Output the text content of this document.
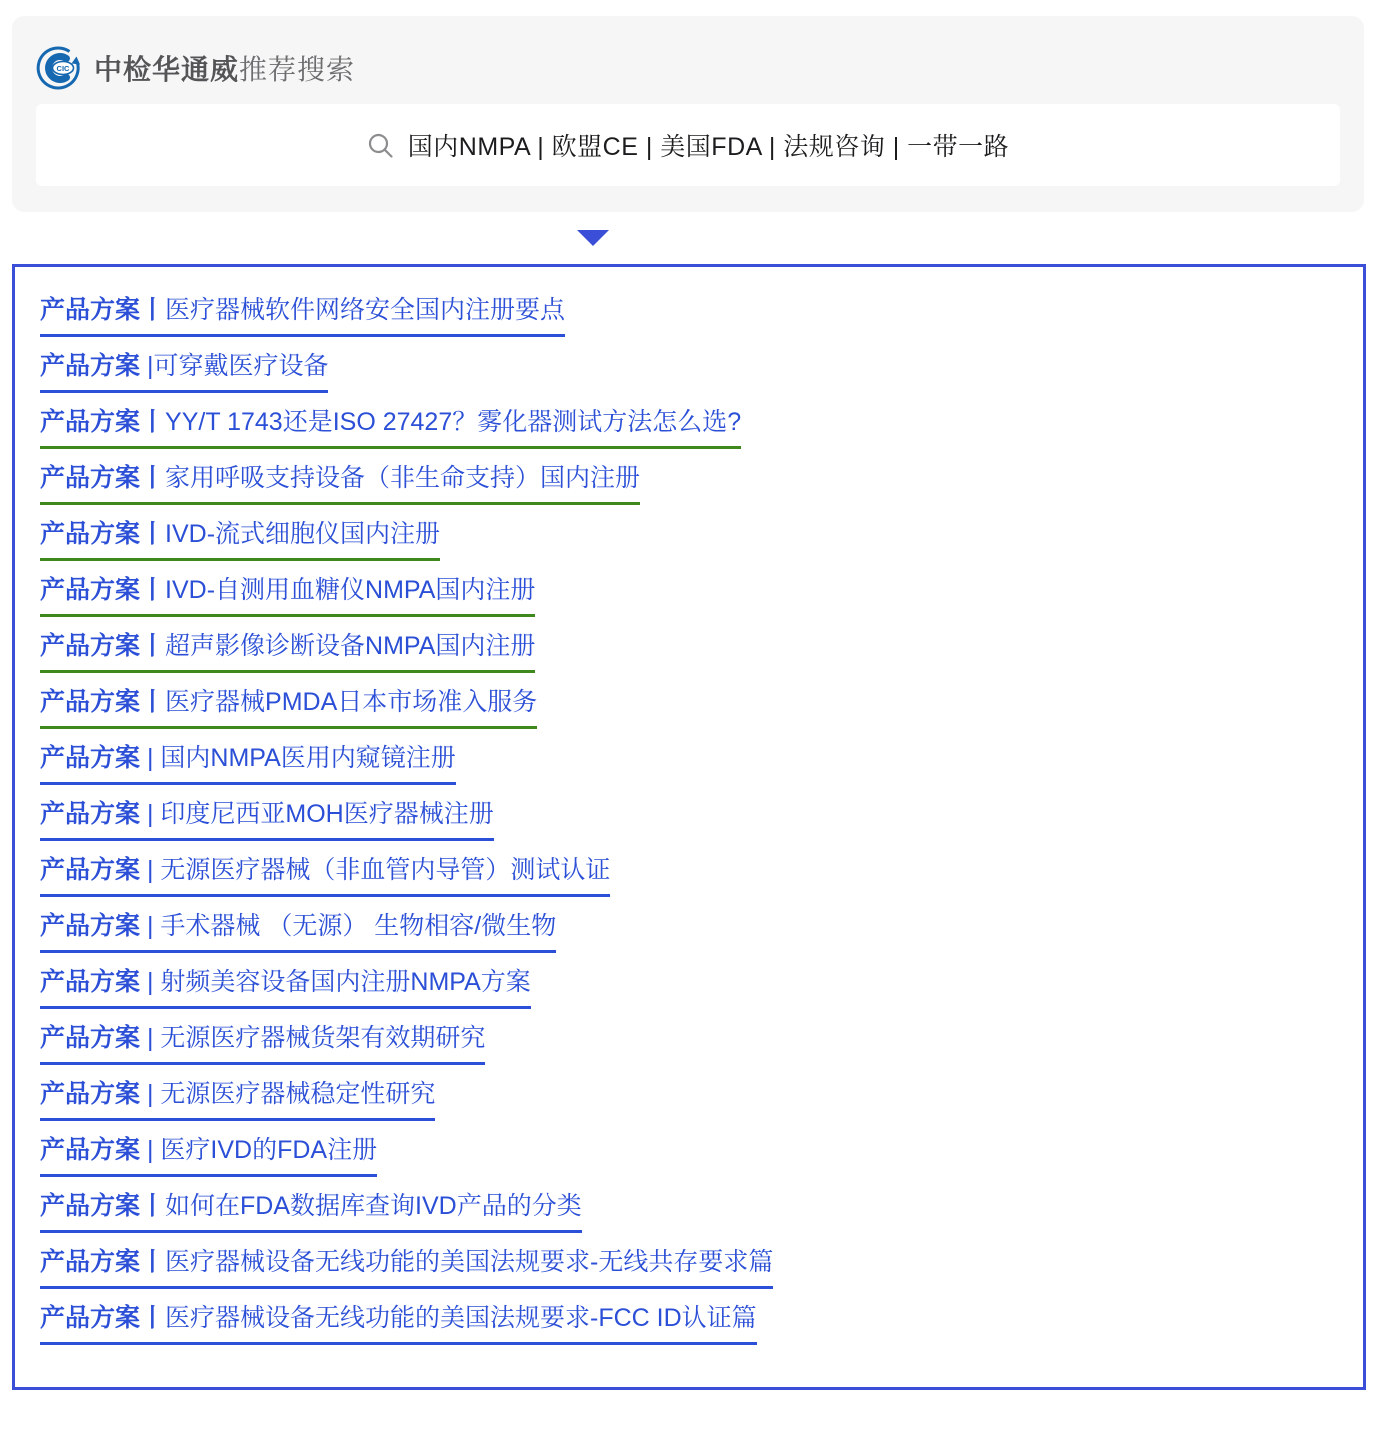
CIC 中检华通威推荐搜索
国内NMPA | 欧盟CE | 美国FDA | 法规咨询 | 一带一路
产品方案丨医疗器械软件网络安全国内注册要点
产品方案 |可穿戴医疗设备
产品方案丨YY/T 1743还是ISO 27427？雾化器测试方法怎么选?
产品方案丨家用呼吸支持设备（非生命支持）国内注册
产品方案丨IVD-流式细胞仪国内注册
产品方案丨IVD-自测用血糖仪NMPA国内注册
产品方案丨超声影像诊断设备NMPA国内注册
产品方案丨医疗器械PMDA日本市场准入服务
产品方案 | 国内NMPA医用内窥镜注册
产品方案 | 印度尼西亚MOH医疗器械注册
产品方案 | 无源医疗器械（非血管内导管）测试认证
产品方案 | 手术器械 （无源） 生物相容/微生物
产品方案 | 射频美容设备国内注册NMPA方案
产品方案 | 无源医疗器械货架有效期研究
产品方案 | 无源医疗器械稳定性研究
产品方案 | 医疗IVD的FDA注册
产品方案丨如何在FDA数据库查询IVD产品的分类
产品方案丨医疗器械设备无线功能的美国法规要求-无线共存要求篇
产品方案丨医疗器械设备无线功能的美国法规要求-FCC ID认证篇
